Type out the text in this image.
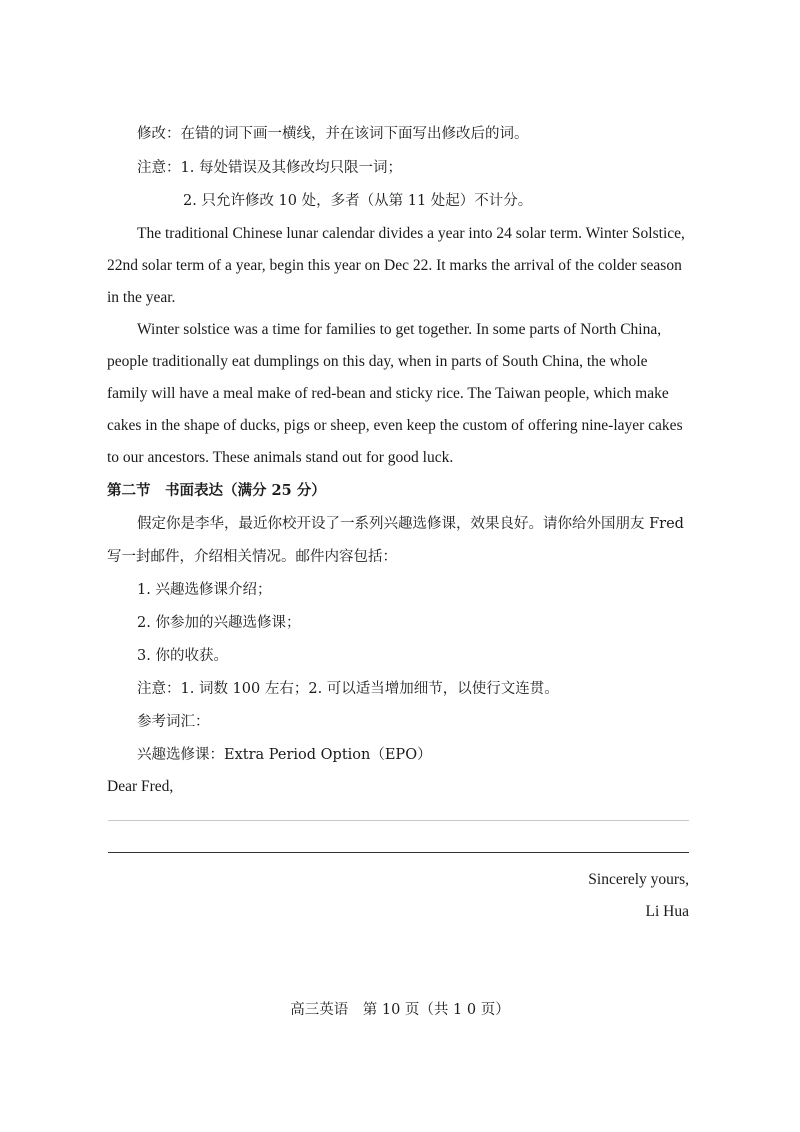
修改：在错的词下画一横线，并在该词下面写出修改后的词。
注意：1. 每处错误及其修改均只限一词；
2. 只允许修改 10 处，多者（从第 11 处起）不计分。
The traditional Chinese lunar calendar divides a year into 24 solar term. Winter Solstice,
22nd solar term of a year, begin this year on Dec 22. It marks the arrival of the colder season
in the year.
Winter solstice was a time for families to get together. In some parts of North China,
people traditionally eat dumplings on this day, when in parts of South China, the whole
family will have a meal make of red-bean and sticky rice. The Taiwan people, which make
cakes in the shape of ducks, pigs or sheep, even keep the custom of offering nine-layer cakes
to our ancestors. These animals stand out for good luck.
第二节　书面表达（满分 25 分）
假定你是李华，最近你校开设了一系列兴趣选修课，效果良好。请你给外国朋友 Fred
写一封邮件，介绍相关情况。邮件内容包括：
1. 兴趣选修课介绍；
2. 你参加的兴趣选修课；
3. 你的收获。
注意：1. 词数 100 左右；2. 可以适当增加细节，以使行文连贯。
参考词汇：
兴趣选修课：Extra Period Option（EPO）
Dear Fred,
Sincerely yours,
Li Hua
高三英语　第 10 页（共 1 0 页）
